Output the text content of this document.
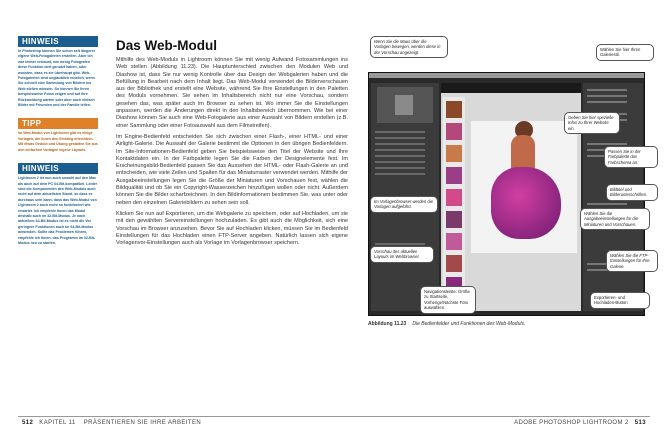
HINWEIS
In Photoshop können Sie schon seit längerer eigene Web-Fotogalerien erstellen. Aber ich war immer erstaunt, wie wenig Fotografen diese Funktion dort genutzt haben, oder wussten, dass es sie überhaupt gibt. Web-Fotogalerien sind unglaublich nützlich, wenn Sie schnell eine Sammlung von Bildern ins Web stellen müssen. So können Sie Ihren beispielsweise Fotos zeigen und auf ihre Rückmeldung warten oder aber auch einfach Bilder mit Freunden und der Familie teilen.
TIPP
Im Web-Modul von Lightroom gibt es einige Vorlagen, die Ihnen den Einstieg erleichtern. Mit etwas Geduld und Übung gestalten Sie aus den einfachen Vorlagen eigene Layouts.
HINWEIS
Lightroom 2 ist nun auch sowohl auf den Mac als auch auf dem PC 64-Bit-kompatibel. Leider sind die Komponenten des Web-Moduls auch nicht auf dem aktuellsten Stand, so dass es durchaus sein kann, dass das Web-Modul von Lightroom 2 auch nicht so funktioniert wie erwartet. Ich empfehle Ihnen das Modul deshalb auch im 32-Bit-Modus. Je nach aktuellem 64-Bit-Modus ist es nicht die Vor geringere Funktionen auch im 64-Bit-Modus anwenden. Sollte das Problemen führen, empfehle ich Ihnen, das Programm im 32-Bit-Modus neu zu starten.
Das Web-Modul

Mithilfe des Web-Moduls in Lightroom können Sie mit wenig Aufwand Fotosammlungen ins Web stellen (Abbildung 11.23). Die Hauptunterschied zwischen den Modulen Web und Diashow ist, dass Sie nur wenig Kontrolle über das Design der Webgalerien haben und die Befüllung in Bearbeit nach dem Inhalt liegt. Das Web-Modul verwendet die Bilderverschauen aus der Bibliothek und erstellt eine Website, während Sie Ihre Einstellungen in den Paletten des Moduls vornehmen. Sie sehen im Inhaltsbereich nicht nur eine Vorschau, sondern gesehen das, was später auch im Browser zu sehen ist. Wo immer Sie die Einstellungen anpassen, werden die Änderungen direkt in den Inhaltsbereich übernommen. Wie bei einer Diashow können Sie auch eine Web-Fotogalerie aus einer Auswahl von Bildern erstellen (z.B. einer Sammlung oder einer Fotoauswahl aus dem Filmstreifen).

Im Engine-Bedienfeld entscheiden Sie sich zwischen einer Flash-, einer HTML- und einer Airlight-Galerie. Die Auswahl der Galerie bestimmt die Optionen in den übrigen Bedienfeldern. Im Site-Informationen-Bedienfeld geben Sie beispielsweise den Titel der Website und Ihre Kontaktdaten ein. In der Farbpalette legen Sie die Farben der Designelemente fest. Im Erscheinungsbild-Bedienfeld passen Sie das Aussehen der HTML- oder Flash-Galerie an und entscheiden, wie viele Zeilen und Spalten für das Miniaturraster verwendet werden. Mithilfe der Ausgabeeinstellungen legen Sie die Größe der Miniaturen und Vorschauen fest, wählen die Bildqualität und ob Sie ein Copyright-Wasserzeichen hinzufügen wollen oder nicht. Außerdem können Sie die Bilder scharfzeichnen. In den Bildinformationen bestimmen Sie, was unter oder neben den einzelnen Galeriebildern zu sehen sein soll.

Klicken Sie nun auf Exportieren, um die Webgalerie zu speichern, oder auf Hochladen, um sie mit den gewählten Servereinstellungen hochzuladen. Es gibt auch die Möglichkeit, sich eine Vorschau im Browser anzusehen. Bevor Sie auf Hochladen klicken, müssen Sie im Bedienfeld Einstellungen für das Hochladen einen FTP-Server angeben. Natürlich lassen sich eigene Vorlagenvor-Einstellungen auch als Vorlage im Vorlagenbrowser speichern.

Wenn Sie die Maus über die Vorlagen bewegen, werden diese in der Vorschau angezeigt.
Wählen Sie hier Ihren Galeriestil.
Geben Sie hier spezielle Infos zu Ihrer Website ein.
Passen Sie in der Farbpalette das Farbschema an.
Bildtitel und Bilderunterschriften.
Wählen Sie die Ausgabeeinstellungen für die Miniaturen und Vorschauen.
Im Vorlagenbrowser werden die Vorlagen aufgeführt.
Vorschau des aktuellen Layouts im Webbrowser.	Wählen Sie die FTP-Einstellungen für Ihre Galerie.
Navigationsleiste: Größe zu Startseite, Vorherige/Nächste Foto auswählen.
Exportieren- und Hochladen-Button
Abbildung 11.23 Die Bedienfelder und Funktionen des Web-Moduls.
512 KAPITEL 11 PRÄSENTIEREN SIE IHRE ARBEITEN	ADOBE PHOTOSHOP LIGHTROOM 2 513
